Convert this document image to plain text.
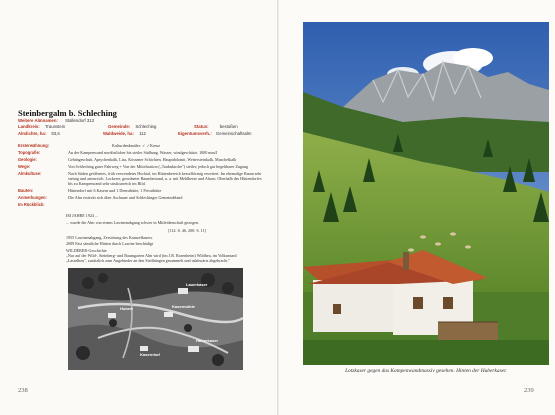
Steinbergalm b. Schleching
Weitere Almnamen: Stallendorf 313
Landkreis: Traunstein	Gemeinde: Schleching	Status:	bestoßen
Almlichte, ha: 83,6	Waldweide, ha: 112	Eigentumsverh.: Gemeinschaftsalm
Ersterwähnung:	Kulturdenkmäler: ✓ ✓Kreuz
Topografie:	An der Kampenwand nordöstlicher bis steiler Südhang. Wasser, windgeschützt. 1000 mm/J
Geologie:	Gehängeschutt, Aptychenkalk, Lias, Kössener Schichten, Hauptdolomit, Wettersteinkalk, Muschelkalk
Wege:	Von Schleching guter Fahrweg + Von der Mittelstation („Taubnkirche") steiler, jedoch gut begehbarer Zugang
Almkultuse:	Nach Süden geöffnetes, früh verwendetes Hochtal, im Hüttenbereich kesselförmig erweitert. Im ehemalige Raum sehr steinig und artenreich. Lockerer, geordneter Baumbestand, u. a. mit Mehlbeere und Ahorn. Oberhalb des Hüttendorfes bis zu Kampenwand sehr strukturreich im Bild.
Bauten:	Hüttendorf mit 6 Kasern und 1 Dienstbütte, 1 Privathütte
Anmerkungen:	Die Alm ersteckt sich über Aschauer und Schlechinger Gemeindeland
Im Rückblick:

IM JAHRE 1924 ...

... wurde die Alm von einem Lawinenabgang schwer in Mitleidenschaft gezogen.

[112: S. 46, 200: S. 11]

1955 Lawinenabgang, Zerstörung des Kranzelkasers.

2009 Fast sämtliche Hütten durch Lawine beschädigt

WILDERER-Geschichte

„Nur auf der Wild-, Steinberg- und Baumgarten Alm wird (im J.R. Rosenheim) Wildheu, im Volksmund „Lasselheu", zusätzlich zum Angebinder an den Steilhängen gesammelt und talabwärts abgebracht."

Lauerkaser
Kasermühle
Hubert
Huberkaser
Kasernhof
238	239
Lotzkaser gegen das Kampenwandmassiv gesehen. Hinten der Huberkaser.
